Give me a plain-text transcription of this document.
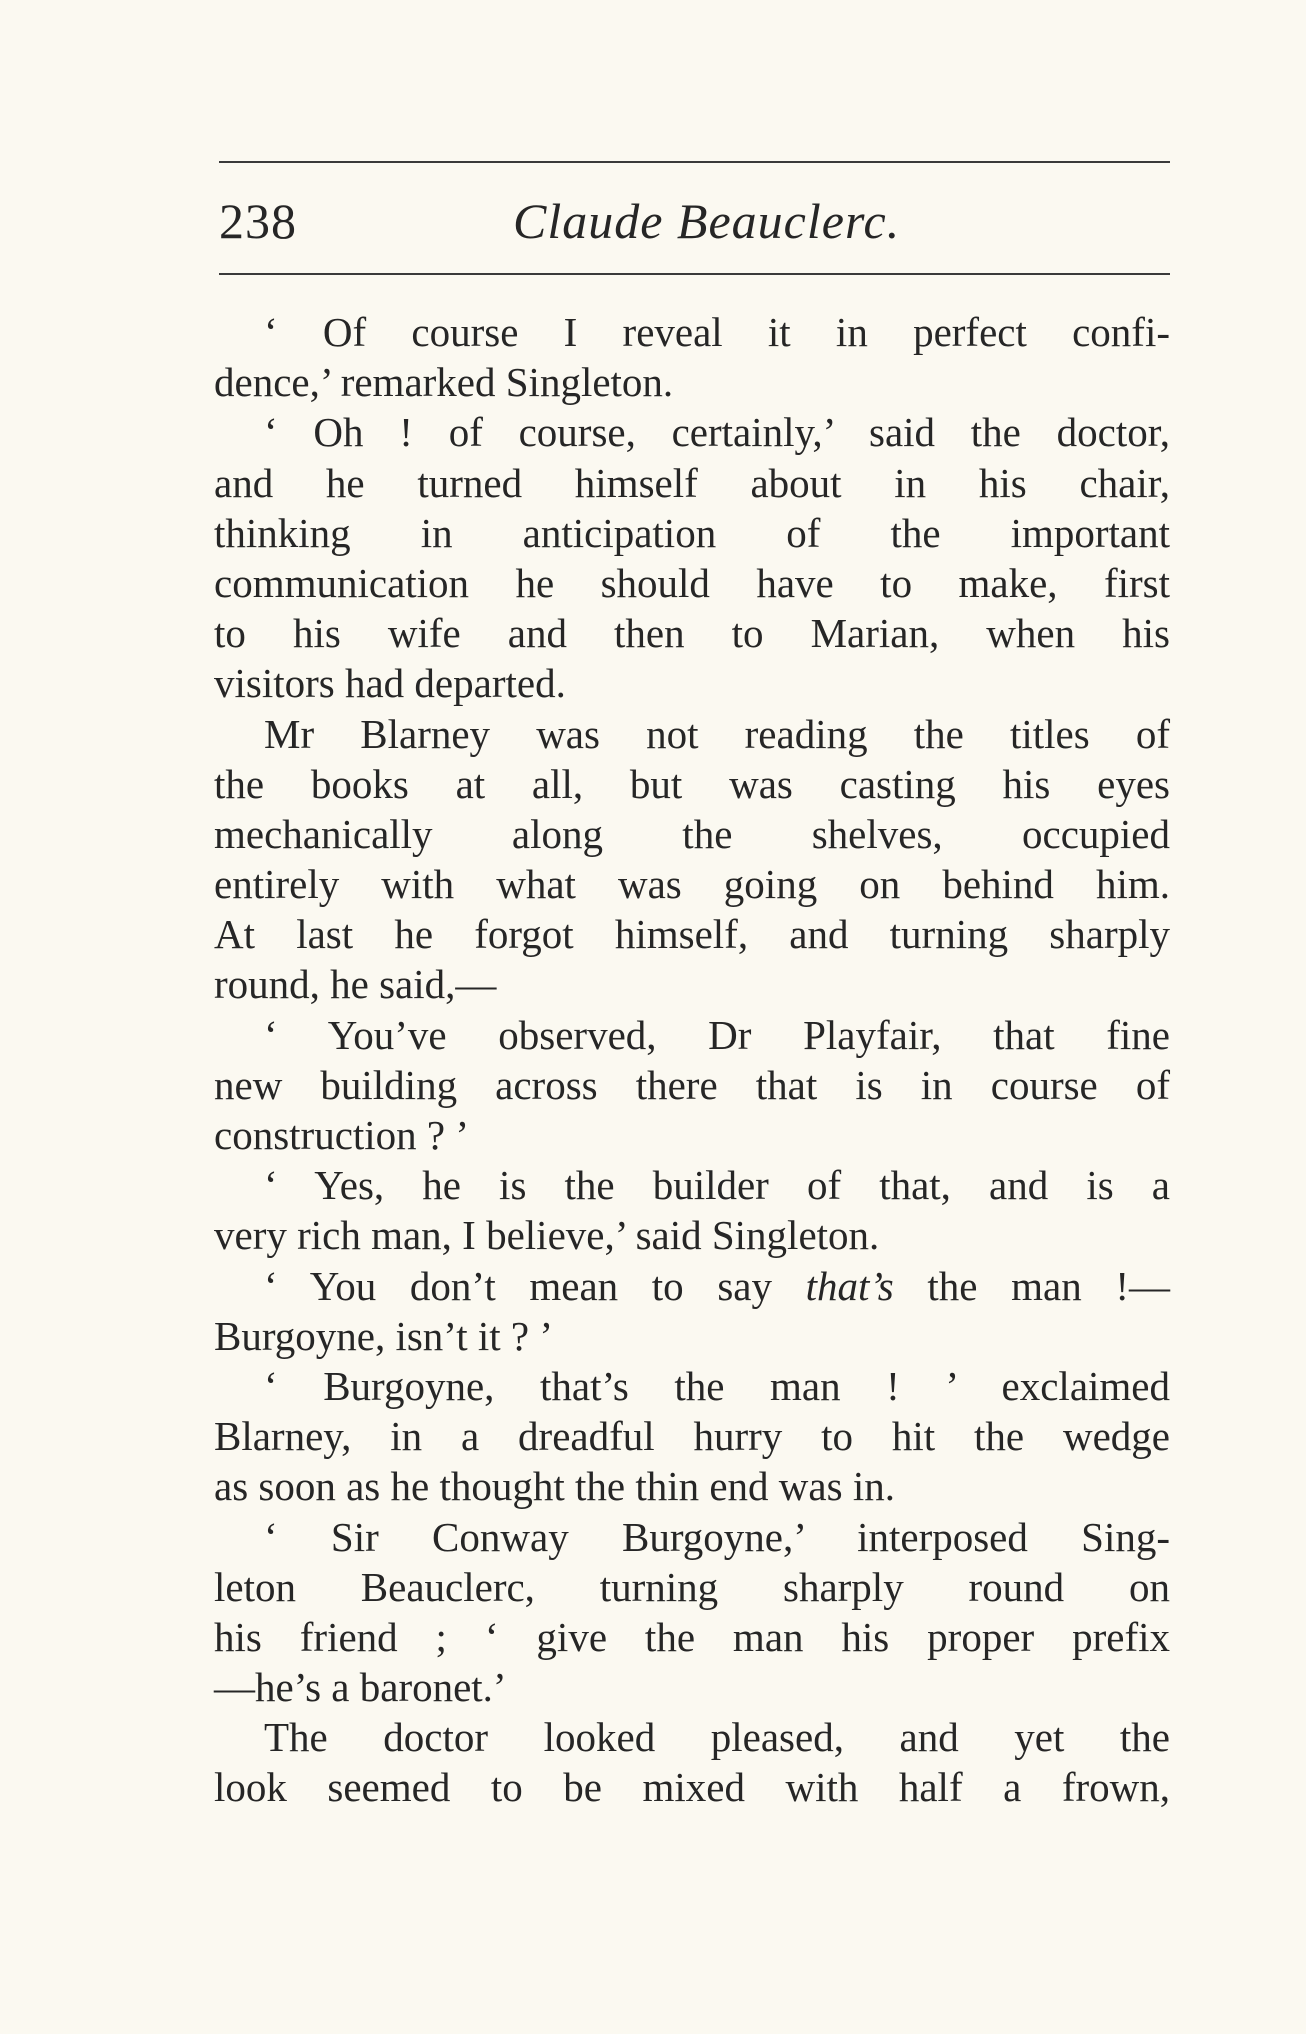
238	Claude Beauclerc.
‘ Of course I reveal it in perfect confi-
dence,’ remarked Singleton.
‘ Oh ! of course, certainly,’ said the doctor,
and he turned himself about in his chair,
thinking in anticipation of the important
communication he should have to make, first
to his wife and then to Marian, when his
visitors had departed.
Mr Blarney was not reading the titles of
the books at all, but was casting his eyes
mechanically along the shelves, occupied
entirely with what was going on behind him.
At last he forgot himself, and turning sharply
round, he said,—
‘ You’ve observed, Dr Playfair, that fine
new building across there that is in course of
construction ? ’
‘ Yes, he is the builder of that, and is a
very rich man, I believe,’ said Singleton.
‘ You don’t mean to say that’s the man !—
Burgoyne, isn’t it ? ’
‘ Burgoyne, that’s the man ! ’ exclaimed
Blarney, in a dreadful hurry to hit the wedge
as soon as he thought the thin end was in.
‘ Sir Conway Burgoyne,’ interposed Sing-
leton Beauclerc, turning sharply round on
his friend ; ‘ give the man his proper prefix
—he’s a baronet.’
The doctor looked pleased, and yet the
look seemed to be mixed with half a frown,
